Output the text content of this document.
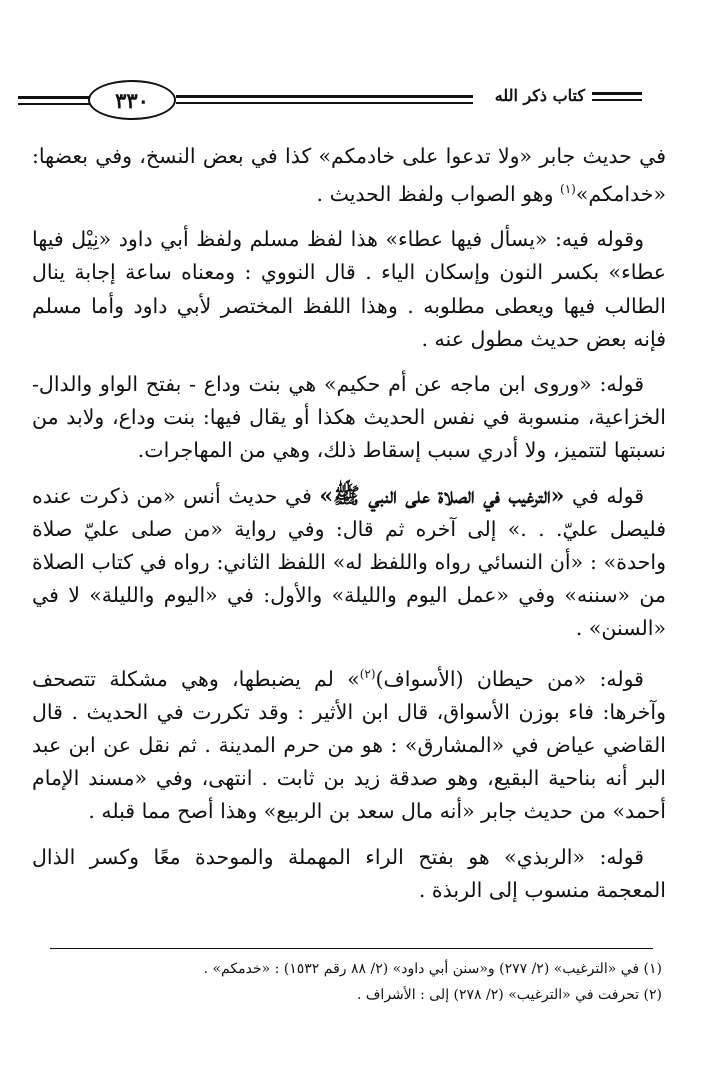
كتاب ذكر الله
٣٣٠

في حديث جابر «ولا تدعوا على خادمكم» كذا في بعض النسخ، وفي بعضها: «خدامكم»$^{(١)}$ وهو الصواب ولفظ الحديث .

وقوله فيه: «يسأل فيها عطاء» هذا لفظ مسلم ولفظ أبي داود «نِيْل فيها عطاء» بكسر النون وإسكان الياء . قال النووي : ومعناه ساعة إجابة ينال الطالب فيها ويعطى مطلوبه . وهذا اللفظ المختصر لأبي داود وأما مسلم فإنه بعض حديث مطول عنه .

قوله: «وروى ابن ماجه عن أم حكيم» هي بنت وداع - بفتح الواو والدال- الخزاعية، منسوبة في نفس الحديث هكذا أو يقال فيها: بنت وداع، ولابد من نسبتها لتتميز، ولا أدري سبب إسقاط ذلك، وهي من المهاجرات.

قوله في «الترغيب في الصلاة على النبي ﷺ» في حديث أنس «من ذكرت عنده فليصل عليّ. . .» إلى آخره ثم قال: وفي رواية «من صلى عليّ صلاة واحدة» : «أن النسائي رواه واللفظ له» اللفظ الثاني: رواه في كتاب الصلاة من «سننه» وفي «عمل اليوم والليلة» والأول: في «اليوم والليلة» لا في «السنن» .

قوله: «من حيطان (الأسواف)$^{(٢)}$» لم يضبطها، وهي مشكلة تتصحف وآخرها: فاء بوزن الأسواق، قال ابن الأثير : وقد تكررت في الحديث . قال القاضي عياض في «المشارق» : هو من حرم المدينة . ثم نقل عن ابن عبد البر أنه بناحية البقيع، وهو صدقة زيد بن ثابت . انتهى، وفي «مسند الإمام أحمد» من حديث جابر «أنه مال سعد بن الربيع» وهذا أصح مما قبله .

قوله: «الربذي» هو بفتح الراء المهملة والموحدة معًا وكسر الذال المعجمة منسوب إلى الربذة .

(١) في «الترغيب» (٢/ ٢٧٧) و«سنن أبي داود» (٢/ ٨٨ رقم ١٥٣٢) : «خدمكم» .

(٢) تحرفت في «الترغيب» (٢/ ٢٧٨) إلى : الأشراف .
